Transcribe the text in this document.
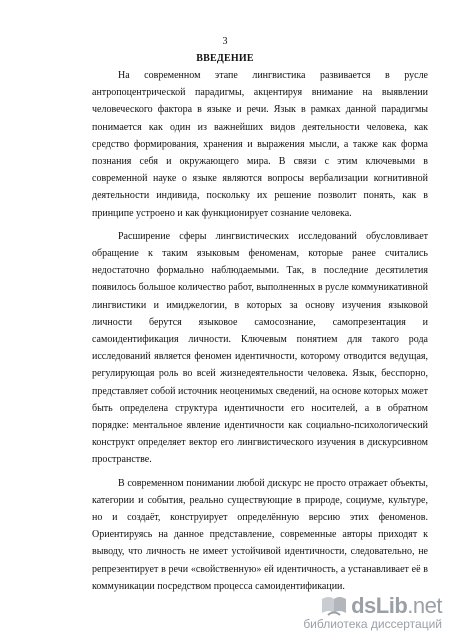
3
ВВЕДЕНИЕ

На современном этапе лингвистика развивается в русле антропоцентрической парадигмы, акцентируя внимание на выявлении человеческого фактора в языке и речи. Язык в рамках данной парадигмы понимается как один из важнейших видов деятельности человека, как средство формирования, хранения и выражения мысли, а также как форма познания себя и окружающего мира. В связи с этим ключевыми в современной науке о языке являются вопросы вербализации когнитивной деятельности индивида, поскольку их решение позволит понять, как в принципе устроено и как функционирует сознание человека.

Расширение сферы лингвистических исследований обусловливает обращение к таким языковым феноменам, которые ранее считались недостаточно формально наблюдаемыми. Так, в последние десятилетия появилось большое количество работ, выполненных в русле коммуникативной лингвистики и имиджелогии, в которых за основу изучения языковой личности берутся языковое самосознание, самопрезентация и самоидентификация личности. Ключевым понятием для такого рода исследований является феномен идентичности, которому отводится ведущая, регулирующая роль во всей жизнедеятельности человека. Язык, бесспорно, представляет собой источник неоценимых сведений, на основе которых может быть определена структура идентичности его носителей, а в обратном порядке: ментальное явление идентичности как социально-психологический конструкт определяет вектор его лингвистического изучения в дискурсивном пространстве.

В современном понимании любой дискурс не просто отражает объекты, категории и события, реально существующие в природе, социуме, культуре, но и создаёт, конструирует определённую версию этих феноменов. Ориентируясь на данное представление, современные авторы приходят к выводу, что личность не имеет устойчивой идентичности, следовательно, не репрезентирует в речи «свойственную» ей идентичность, а устанавливает её в коммуникации посредством процесса самоидентификации.

dsLib.net
библиотека диссертаций
